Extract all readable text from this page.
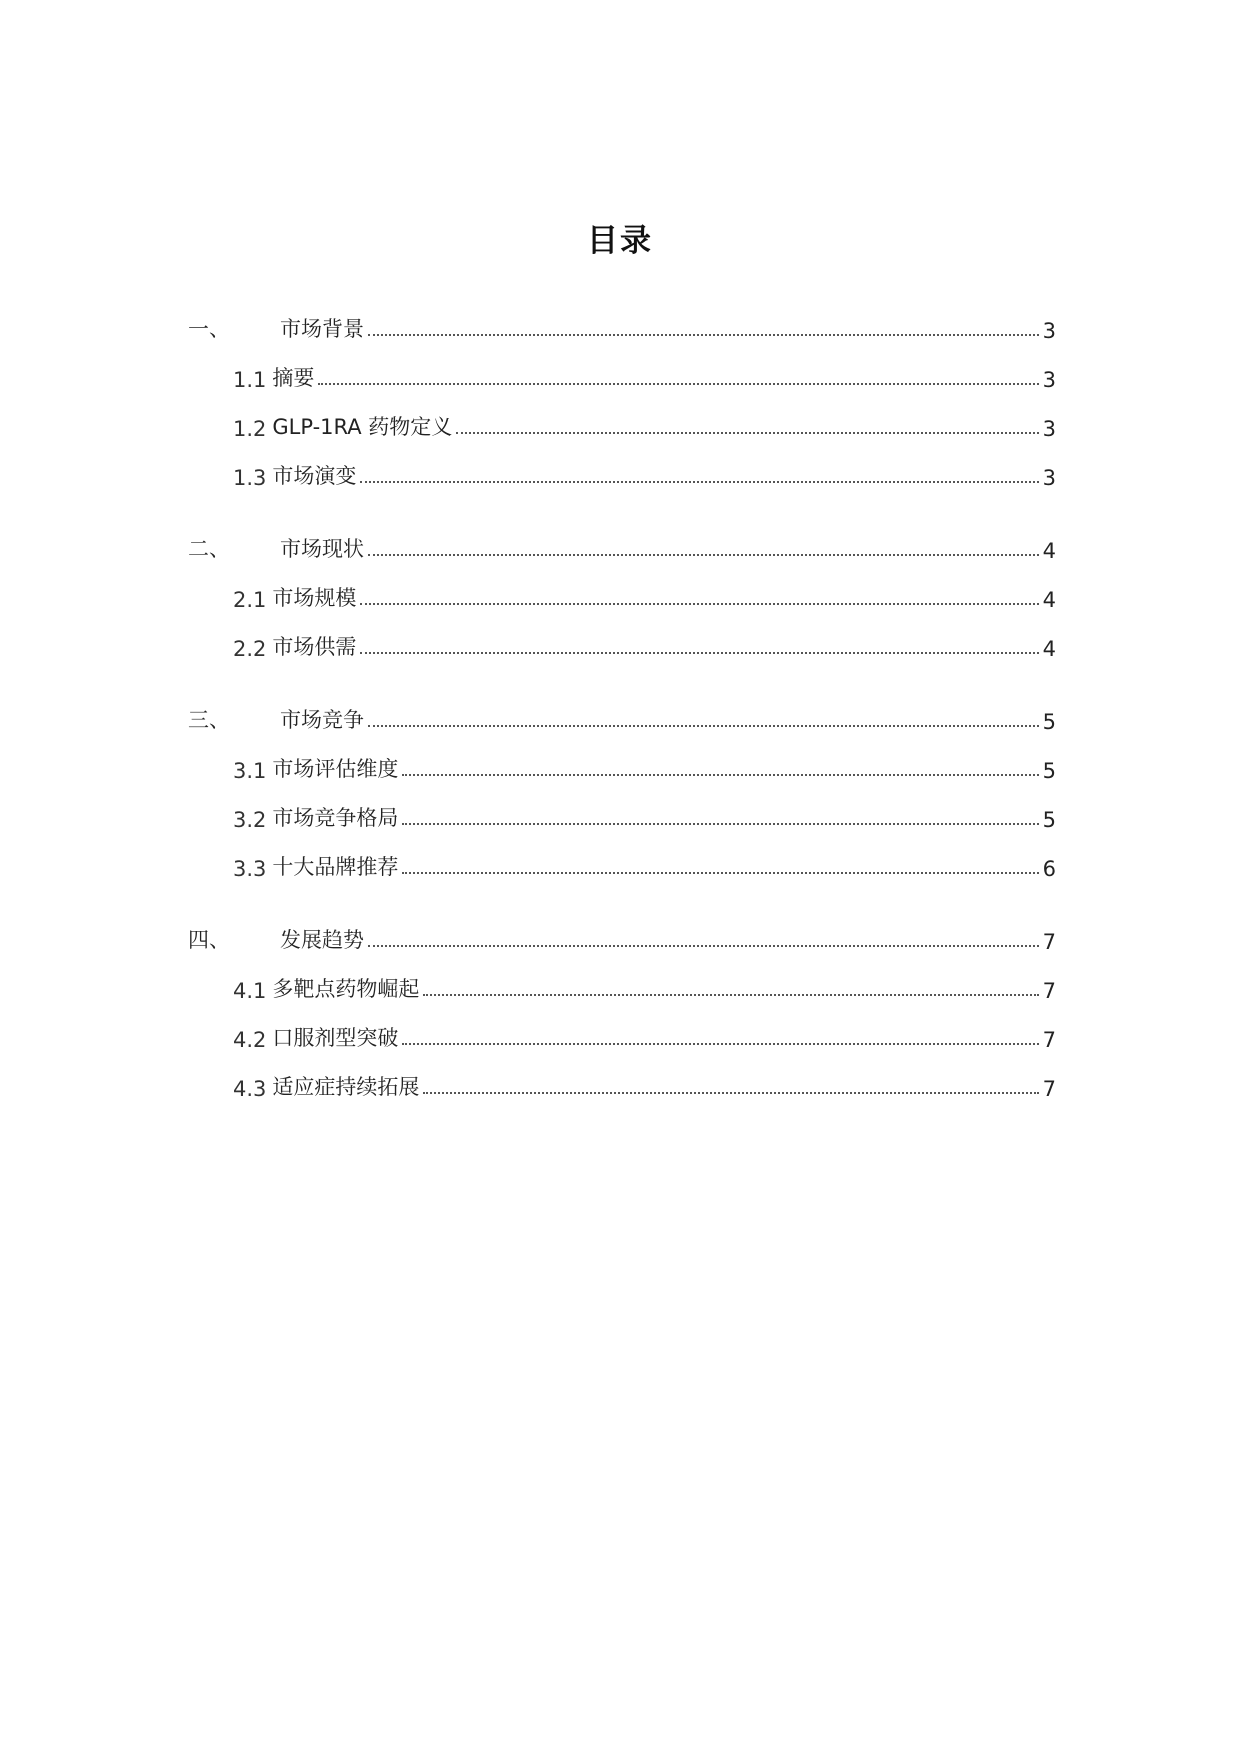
目录
一、	市场背景	3
1.1 摘要	3
1.2 GLP-1RA 药物定义	3
1.3 市场演变	3
二、	市场现状	4
2.1 市场规模	4
2.2 市场供需	4
三、	市场竞争	5
3.1 市场评估维度	5
3.2 市场竞争格局	5
3.3 十大品牌推荐	6
四、	发展趋势	7
4.1 多靶点药物崛起	7
4.2 口服剂型突破	7
4.3 适应症持续拓展	7
